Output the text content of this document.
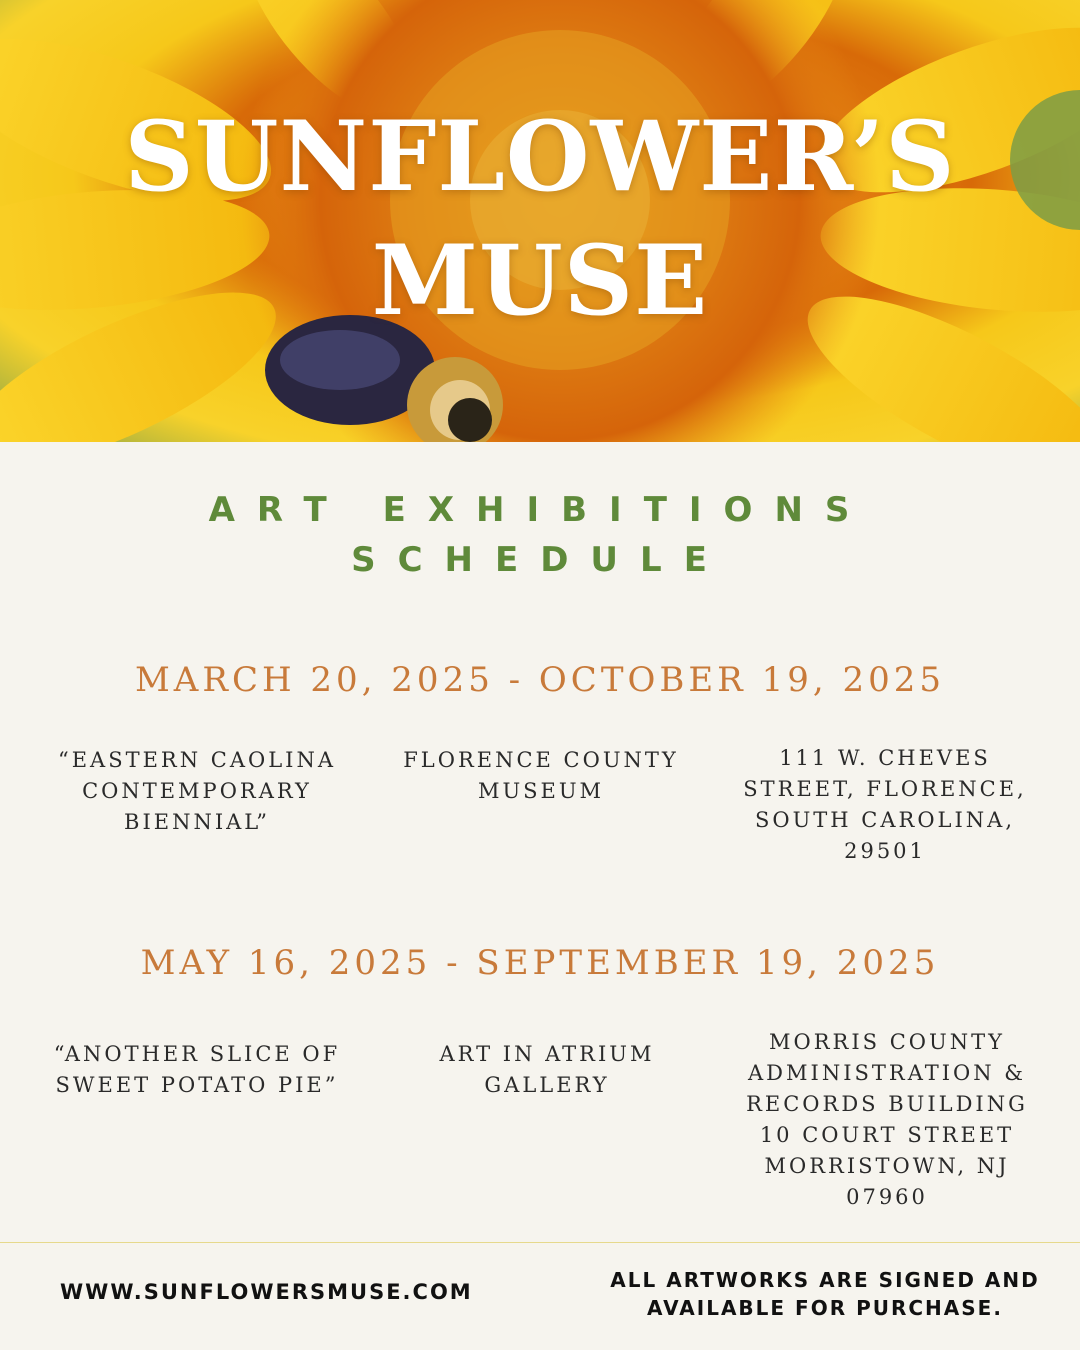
SUNFLOWER’S
MUSE
ART EXHIBITIONS
SCHEDULE

MARCH 20, 2025 - OCTOBER 19, 2025

“EASTERN CAOLINA
CONTEMPORARY
BIENNIAL”
FLORENCE COUNTY
MUSEUM
111 W. CHEVES
STREET, FLORENCE,
SOUTH CAROLINA,
29501

MAY 16, 2025 - SEPTEMBER 19, 2025

“ANOTHER SLICE OF
SWEET POTATO PIE”
ART IN ATRIUM
GALLERY
MORRIS COUNTY
ADMINISTRATION &
RECORDS BUILDING
10 COURT STREET
MORRISTOWN, NJ
07960
WWW.SUNFLOWERSMUSE.COM	ALL ARTWORKS ARE SIGNED AND
AVAILABLE FOR PURCHASE.
